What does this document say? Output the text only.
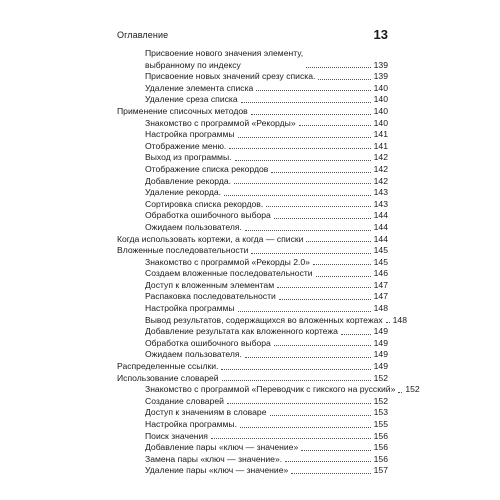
Оглавление	13
Присвоение нового значения элементу,
выбранному по индексу	139
Присвоение новых значений срезу списка.	139
Удаление элемента списка	140
Удаление среза списка	140
Применение списочных методов	140
Знакомство с программой «Рекорды»	140
Настройка программы	141
Отображение меню.	141
Выход из программы.	142
Отображение списка рекордов	142
Добавление рекорда.	142
Удаление рекорда.	143
Сортировка списка рекордов.	143
Обработка ошибочного выбора	144
Ожидаем пользователя.	144
Когда использовать кортежи, а когда — списки	144
Вложенные последовательности	145
Знакомство с программой «Рекорды 2.0»	145
Создаем вложенные последовательности	146
Доступ к вложенным элементам	147
Распаковка последовательности	147
Настройка программы	148
Вывод результатов, содержащихся во вложенных кортежах 148
Добавление результата как вложенного кортежа	149
Обработка ошибочного выбора	149
Ожидаем пользователя.	149
Распределенные ссылки.	149
Использование словарей	152
Знакомство с программой «Переводчик с гикского на русский» 152
Создание словарей	152
Доступ к значениям в словаре	153
Настройка программы.	155
Поиск значения	156
Добавление пары «ключ — значение»	156
Замена пары «ключ — значение».	156
Удаление пары «ключ — значение»	157
